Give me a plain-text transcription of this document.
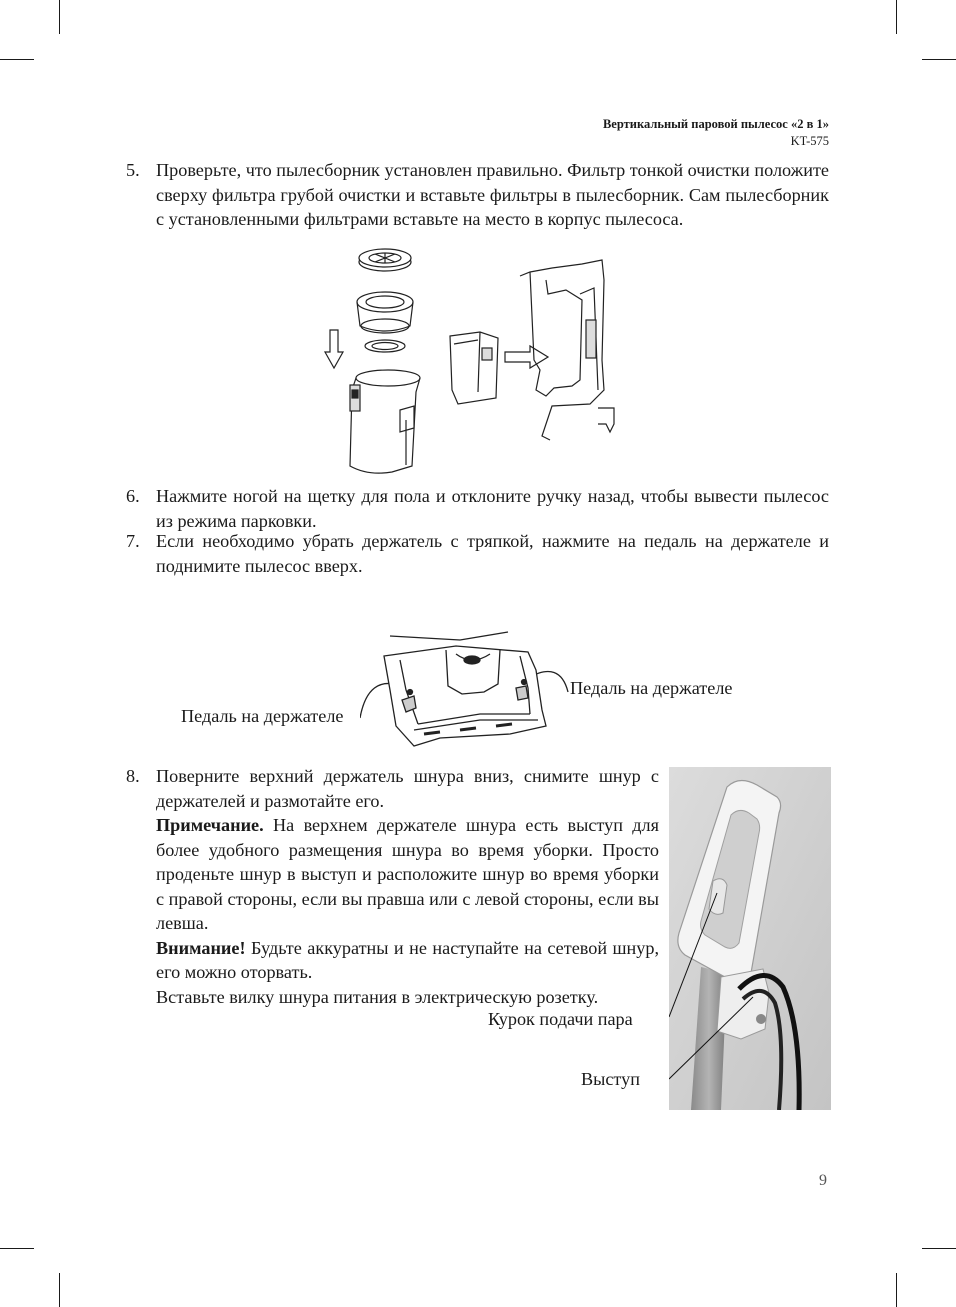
Вертикальный паровой пылесос «2 в 1»
KT-575
5. Проверьте, что пылесборник установлен правильно. Фильтр тонкой очистки положите сверху фильтра грубой очистки и вставьте фильтры в пылесборник. Сам пылесборник с установленными фильтрами вставьте на место в корпус пылесоса.

6. Нажмите ногой на щетку для пола и отклоните ручку назад, чтобы вывести пылесос из режима парковки.

7. Если необходимо убрать держатель с тряпкой, нажмите на педаль на держателе и поднимите пылесос вверх.

Педаль на держателе
Педаль на держателе
8. Поверните верхний держатель шнура вниз, снимите шнур с держателей и размотайте его.

Примечание. На верхнем держателе шнура есть выступ для более удобного размещения шнура во время уборки. Просто проденьте шнур в выступ и расположите шнур во время уборки с правой стороны, если вы правша или с левой стороны, если вы левша.

Внимание! Будьте аккуратны и не наступайте на сетевой шнур, его можно оторвать.

Вставьте вилку шнура питания в электрическую розетку.

Курок подачи пара
Выступ
9
